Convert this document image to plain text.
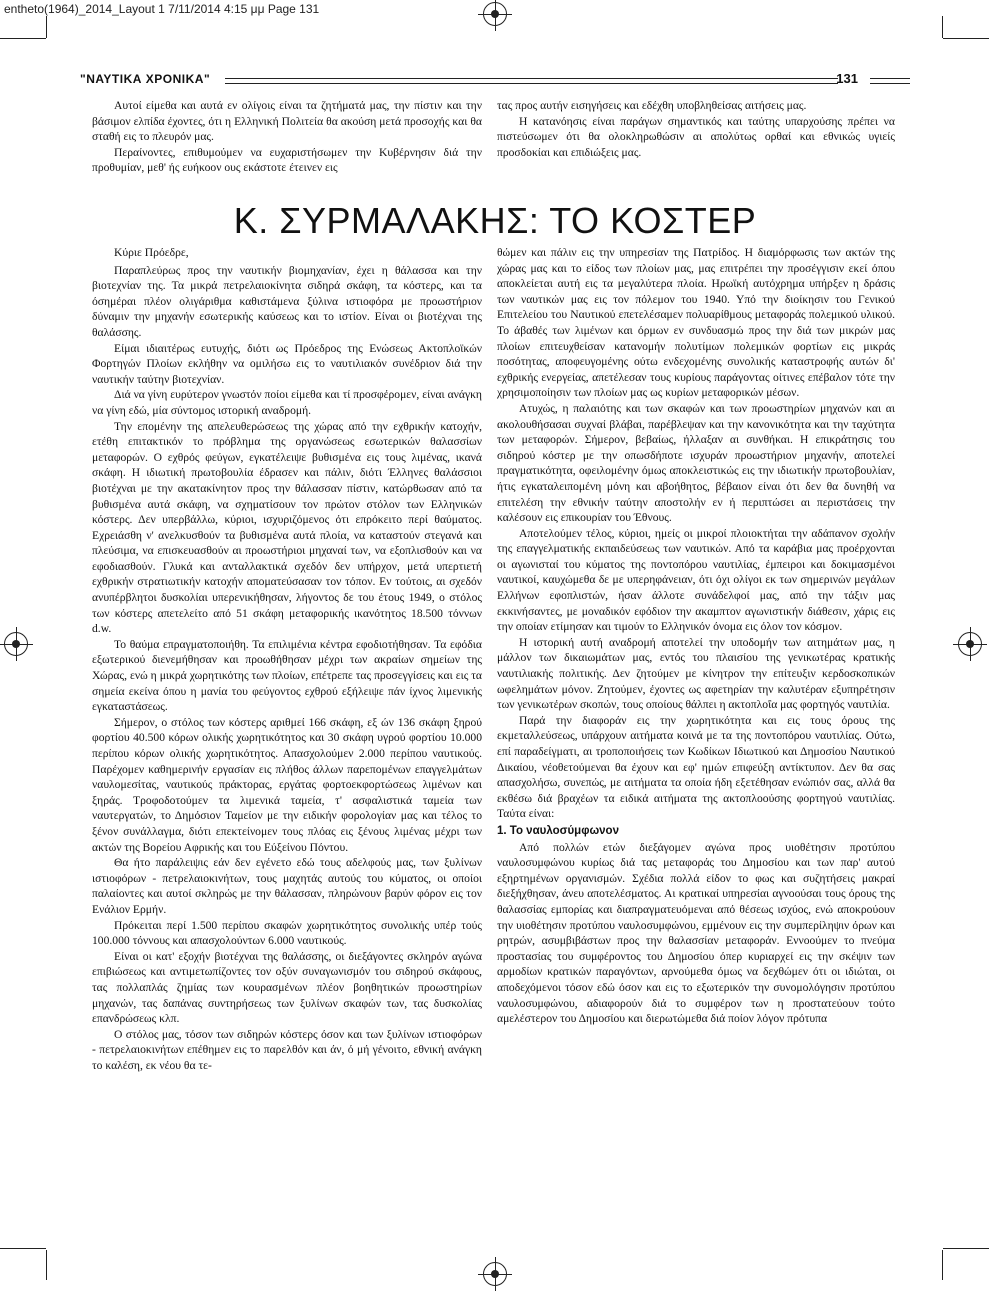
entheto(1964)_2014_Layout 1 7/11/2014 4:15 μμ Page 131
"ΝΑΥΤΙΚΑ ΧΡΟΝΙΚΑ"	131

Αυτοί είμεθα και αυτά εν ολίγοις είναι τα ζητήματά μας, την πίστιν και την βάσιμον ελπίδα έχοντες, ότι η Ελληνική Πολιτεία θα ακούση μετά προσοχής και θα σταθή εις το πλευρόν μας.

Περαίνοντες, επιθυμούμεν να ευχαριστήσωμεν την Κυβέρνησιν διά την προθυμίαν, μεθ' ής ευήκοον ους εκάστοτε έτεινεν εις

τας προς αυτήν εισηγήσεις και εδέχθη υποβληθείσας αιτήσεις μας.

Η κατανόησις είναι παράγων σημαντικός και ταύτης υπαρχούσης πρέπει να πιστεύσωμεν ότι θα ολοκληρωθώσιν αι απολύτως ορθαί και εθνικώς υγιείς προσδοκίαι και επιδιώξεις μας.

Κ. ΣΥΡΜΑΛΑΚΗΣ: ΤΟ ΚΟΣΤΕΡ

Κύριε Πρόεδρε,

Παραπλεύρως προς την ναυτικήν βιομηχανίαν, έχει η θάλασσα και την βιοτεχνίαν της. Τα μικρά πετρελαιοκίνητα σιδηρά σκάφη, τα κόστερς, και τα όσημέραι πλέον ολιγάριθμα καθιστάμενα ξύλινα ιστιοφόρα με προωστήριον δύναμιν την μηχανήν εσωτερικής καύσεως και το ιστίον. Είναι οι βιοτέχναι της θαλάσσης.

Είμαι ιδιαιτέρως ευτυχής, διότι ως Πρόεδρος της Ενώσεως Ακτοπλοϊκών Φορτηγών Πλοίων εκλήθην να ομιλήσω εις το ναυτιλιακόν συνέδριον διά την ναυτικήν ταύτην βιοτεχνίαν.

Διά να γίνη ευρύτερον γνωστόν ποίοι είμεθα και τί προσφέρομεν, είναι ανάγκη να γίνη εδώ, μία σύντομος ιστορική αναδρομή.

Την επομένην της απελευθερώσεως της χώρας από την εχθρικήν κατοχήν, ετέθη επιτακτικόν το πρόβλημα της οργανώσεως εσωτερικών θαλασσίων μεταφορών. Ο εχθρός φεύγων, εγκατέλειψε βυθισμένα εις τους λιμένας, ικανά σκάφη. Η ιδιωτική πρωτοβουλία έδρασεν και πάλιν, διότι Έλληνες θαλάσσιοι βιοτέχναι με την ακατακίνητον προς την θάλασσαν πίστιν, κατώρθωσαν από τα βυθισμένα αυτά σκάφη, να σχηματίσουν τον πρώτον στόλον των Ελληνικών κόστερς. Δεν υπερβάλλω, κύριοι, ισχυριζόμενος ότι επρόκειτο περί θαύματος. Εχρειάσθη ν' ανελκυσθούν τα βυθισμένα αυτά πλοία, να καταστούν στεγανά και πλεύσιμα, να επισκευασθούν αι προωστήριοι μηχαναί των, να εξοπλισθούν και να εφοδιασθούν. Γλυκά και ανταλλακτικά σχεδόν δεν υπήρχον, μετά υπερτιετή εχθρικήν στρατιωτικήν κατοχήν αποματεύσασαν τον τόπον. Εν τούτοις, αι σχεδόν ανυπέρβλητοι δυσκολίαι υπερενικήθησαν, λήγοντος δε του έτους 1949, ο στόλος των κόστερς απετελείτο από 51 σκάφη μεταφορικής ικανότητος 18.500 τόννων d.w.

Το θαύμα επραγματοποιήθη. Τα επιλιμένια κέντρα εφοδιοτήθησαν. Τα εφόδια εξωτερικού διενεμήθησαν και προωθήθησαν μέχρι των ακραίων σημείων της Χώρας, ενώ η μικρά χωρητικότης των πλοίων, επέτρεπε τας προσεγγίσεις και εις τα σημεία εκείνα όπου η μανία του φεύγοντος εχθρού εξήλειψε πάν ίχνος λιμενικής εγκαταστάσεως.

Σήμερον, ο στόλος των κόστερς αριθμεί 166 σκάφη, εξ ών 136 σκάφη ξηρού φορτίου 40.500 κόρων ολικής χωρητικότητος και 30 σκάφη υγρού φορτίου 10.000 περίπου κόρων ολικής χωρητικότητος. Απασχολούμεν 2.000 περίπου ναυτικούς. Παρέχομεν καθημερινήν εργασίαν εις πλήθος άλλων παρεπομένων επαγγελμάτων ναυλομεσίτας, ναυτικούς πράκτορας, εργάτας φορτοεκφορτώσεως λιμένων και ξηράς. Τροφοδοτούμεν τα λιμενικά ταμεία, τ' ασφαλιστικά ταμεία των ναυτεργατών, το Δημόσιον Ταμείον με την ειδικήν φορολογίαν μας και τέλος το ξένον συνάλλαγμα, διότι επεκτείνομεν τους πλόας εις ξένους λιμένας μέχρι των ακτών της Βορείου Αφρικής και του Εύξείνου Πόντου.

Θα ήτο παράλειψις εάν δεν εγένετο εδώ τους αδελφούς μας, των ξυλίνων ιστιοφόρων - πετρελαιοκινήτων, τους μαχητάς αυτούς του κύματος, οι οποίοι παλαίοντες και αυτοί σκληρώς με την θάλασσαν, πληρώνουν βαρύν φόρον εις τον Ενάλιον Ερμήν.

Πρόκειται περί 1.500 περίπου σκαφών χωρητικότητος συνολικής υπέρ τούς 100.000 τόννους και απασχολούντων 6.000 ναυτικούς.

Είναι οι κατ' εξοχήν βιοτέχναι της θαλάσσης, οι διεξάγοντες σκληρόν αγώνα επιβιώσεως και αντιμετωπίζοντες τον οξύν συναγωνισμόν του σιδηρού σκάφους, τας πολλαπλάς ζημίας των κουρασμένων πλέον βοηθητικών προωστηρίων μηχανών, τας δαπάνας συντηρήσεως των ξυλίνων σκαφών των, τας δυσκολίας επανδρώσεως κλπ.

Ο στόλος μας, τόσον των σιδηρών κόστερς όσον και των ξυλίνων ιστιοφόρων - πετρελαιοκινήτων επέθημεν εις το παρελθόν και άν, ό μή γένοιτο, εθνική ανάγκη το καλέση, εκ νέου θα τε-

θώμεν και πάλιν εις την υπηρεσίαν της Πατρίδος. Η διαμόρφωσις των ακτών της χώρας μας και το είδος των πλοίων μας, μας επιτρέπει την προσέγγισιν εκεί όπου αποκλείεται αυτή εις τα μεγαλύτερα πλοία. Ηρωϊκή αυτόχρημα υπήρξεν η δράσις των ναυτικών μας εις τον πόλεμον του 1940. Υπό την διοίκησιν του Γενικού Επιτελείου του Ναυτικού επετελέσαμεν πολυαρίθμους μεταφοράς πολεμικού υλικού. Το άβαθές των λιμένων και όρμων εν συνδυασμώ προς την διά των μικρών μας πλοίων επιτευχθείσαν κατανομήν πολυτίμων πολεμικών φορτίων εις μικράς ποσότητας, αποφευγομένης ούτω ενδεχομένης συνολικής καταστροφής αυτών δι' εχθρικής ενεργείας, απετέλεσαν τους κυρίους παράγοντας οίτινες επέβαλον τότε την χρησιμοποίησιν των πλοίων μας ως κυρίων μεταφορικών μέσων.

Ατυχώς, η παλαιότης και των σκαφών και των προωστηρίων μηχανών και αι ακολουθήσασαι συχναί βλάβαι, παρέβλεψαν και την κανονικότητα και την ταχύτητα των μεταφορών. Σήμερον, βεβαίως, ήλλαξαν αι συνθήκαι. Η επικράτησις του σιδηρού κόστερ με την οπωσδήποτε ισχυράν προωστήριον μηχανήν, αποτελεί πραγματικότητα, οφειλομένην όμως αποκλειστικώς εις την ιδιωτικήν πρωτοβουλίαν, ήτις εγκαταλειπομένη μόνη και αβοήθητος, βέβαιον είναι ότι δεν θα δυνηθή να επιτελέση την εθνικήν ταύτην αποστολήν εν ή περιπτώσει αι περιστάσεις την καλέσουν εις επικουρίαν του Έθνους.

Αποτελούμεν τέλος, κύριοι, ημείς οι μικροί πλοιοκτήται την αδάπανον σχολήν της επαγγελματικής εκπαιδεύσεως των ναυτικών. Από τα καράβια μας προέρχονται οι αγωνισταί του κύματος της ποντοπόρου ναυτιλίας, έμπειροι και δοκιμασμένοι ναυτικοί, καυχώμεθα δε με υπερηφάνειαν, ότι όχι ολίγοι εκ των σημερινών μεγάλων Ελλήνων εφοπλιστών, ήσαν άλλοτε συνάδελφοί μας, από την τάξιν μας εκκινήσαντες, με μοναδικόν εφόδιον την ακαμπτον αγωνιστικήν διάθεσιν, χάρις εις την οποίαν ετίμησαν και τιμούν το Ελληνικόν όνομα εις όλον τον κόσμον.

Η ιστορική αυτή αναδρομή αποτελεί την υποδομήν των αιτημάτων μας, η μάλλον των δικαιωμάτων μας, εντός του πλαισίου της γενικωτέρας κρατικής ναυτιλιακής πολιτικής. Δεν ζητούμεν με κίνητρον την επίτευξιν κερδοσκοπικών ωφελημάτων μόνον. Ζητούμεν, έχοντες ως αφετηρίαν την καλυτέραν εξυπηρέτησιν των γενικωτέρων σκοπών, τους οποίους θάλπει η ακτοπλοΐα μας φορτηγός ναυτιλία.

Παρά την διαφοράν εις την χωρητικότητα και εις τους όρους της εκμεταλλεύσεως, υπάρχουν αιτήματα κοινά με τα της ποντοπόρου ναυτιλίας. Ούτω, επί παραδείγματι, αι τροποποιήσεις των Κωδίκων Ιδιωτικού και Δημοσίου Ναυτικού Δικαίου, νέοθετούμεναι θα έχουν και εφ' ημών επιφεύξη αντίκτυπον. Δεν θα σας απασχολήσω, συνεπώς, με αιτήματα τα οποία ήδη εξετέθησαν ενώπιόν σας, αλλά θα εκθέσω διά βραχέων τα ειδικά αιτήματα της ακτοπλοούσης φορτηγού ναυτιλίας. Ταύτα είναι:

1. Το ναυλοσύμφωνον

Από πολλών ετών διεξάγομεν αγώνα προς υιοθέτησιν προτύπου ναυλοσυμφώνου κυρίως διά τας μεταφοράς του Δημοσίου και των παρ' αυτού εξηρτημένων οργανισμών. Σχέδια πολλά είδον το φως και συζητήσεις μακραί διεξήχθησαν, άνευ αποτελέσματος. Αι κρατικαί υπηρεσίαι αγνοούσαι τους όρους της θαλασσίας εμπορίας και διαπραγματευόμεναι από θέσεως ισχύος, ενώ αποκρούουν την υιοθέτησιν προτύπου ναυλοσυμφώνου, εμμένουν εις την συμπερίληψιν όρων και ρητρών, ασυμβιβάστων προς την θαλασσίαν μεταφοράν. Εννοούμεν το πνεύμα προστασίας του συμφέροντος του Δημοσίου όπερ κυριαρχεί εις την σκέψιν των αρμοδίων κρατικών παραγόντων, αρνούμεθα όμως να δεχθώμεν ότι οι ιδιώται, οι αποδεχόμενοι τόσον εδώ όσον και εις το εξωτερικόν την συνομολόγησιν προτύπου ναυλοσυμφώνου, αδιαφορούν διά το συμφέρον των η προστατεύουν τούτο αμελέστερον του Δημοσίου και διερωτώμεθα διά ποίον λόγον πρότυπα
